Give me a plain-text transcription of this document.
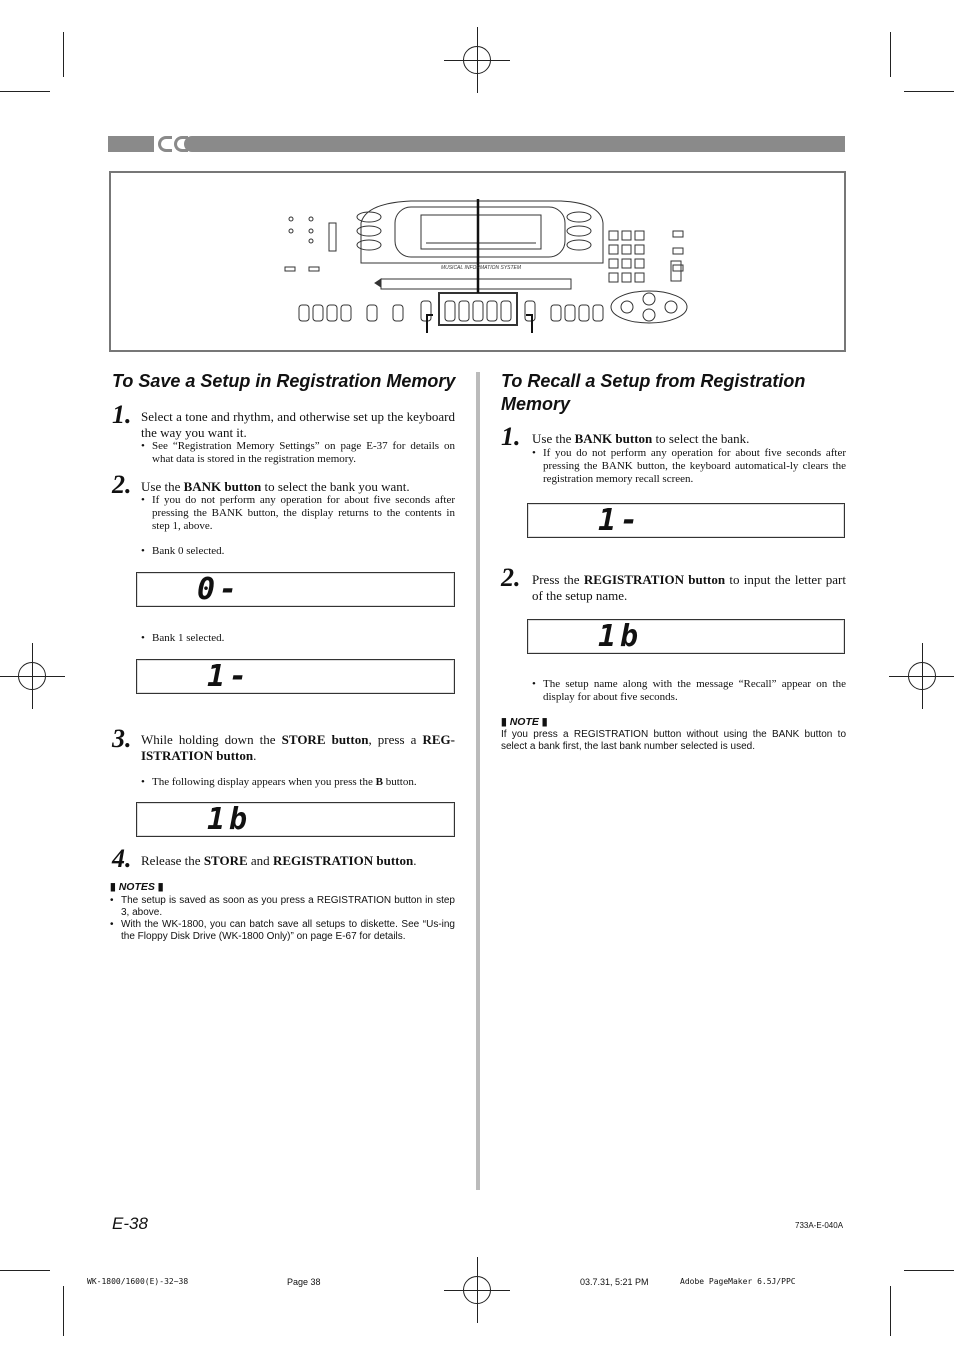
MUSICAL INFORMATION SYSTEM
To Save a Setup in Registration Memory
1. Select a tone and rhythm, and otherwise set up the keyboard the way you want it.
• See “Registration Memory Settings” on page E-37 for details on what data is stored in the registration memory.
2. Use the BANK button to select the bank you want.
• If you do not perform any operation for about five seconds after pressing the BANK button, the display returns to the contents in step 1, above.
• Bank 0 selected.
0-
• Bank 1 selected.
1-
3. While holding down the STORE button, press a REG-ISTRATION button.
• The following display appears when you press the B button.
1b
4. Release the STORE and REGISTRATION button.
▮ NOTES ▮
• The setup is saved as soon as you press a REGISTRATION button in step 3, above.
• With the WK-1800, you can batch save all setups to diskette. See “Us-ing the Floppy Disk Drive (WK-1800 Only)” on page E-67 for details.
To Recall a Setup from Registration Memory
1. Use the BANK button to select the bank.
• If you do not perform any operation for about five seconds after pressing the BANK button, the keyboard automatical-ly clears the registration memory recall screen.
1-
2. Press the REGISTRATION button to input the letter part of the setup name.
1b
• The setup name along with the message “Recall” appear on the display for about five seconds.
▮ NOTE ▮
If you press a REGISTRATION button without using the BANK button to select a bank first, the last bank number selected is used.
E-38	733A-E-040A
WK-1800/1600(E)-32~38	Page 38	03.7.31, 5:21 PM	Adobe PageMaker 6.5J/PPC
